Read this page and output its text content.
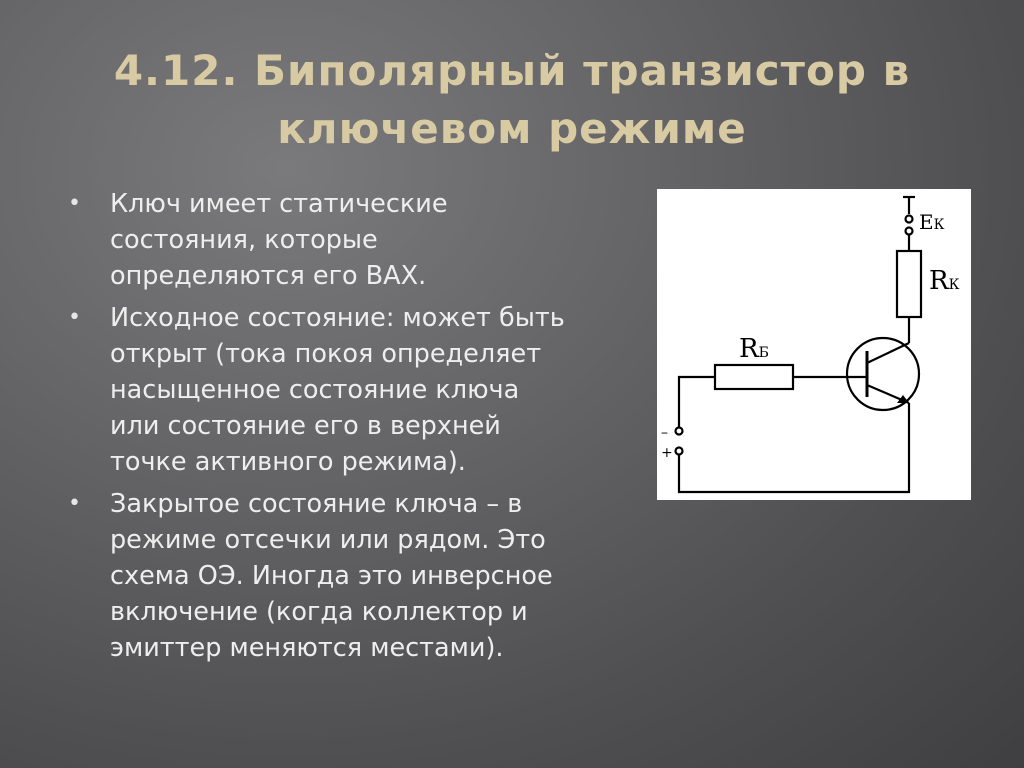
4.12. Биполярный транзистор в
ключевом режиме
• Ключ имеет статические
состояния, которые
определяются его ВАХ.
• Исходное состояние: может быть
открыт (тока покоя определяет
насыщенное состояние ключа
или состояние его в верхней
точке активного режима).
• Закрытое состояние ключа – в
режиме отсечки или рядом. Это
схема ОЭ. Иногда это инверсное
включение (когда коллектор и
эмиттер меняются местами).
EК
RК
RБ
–
+
